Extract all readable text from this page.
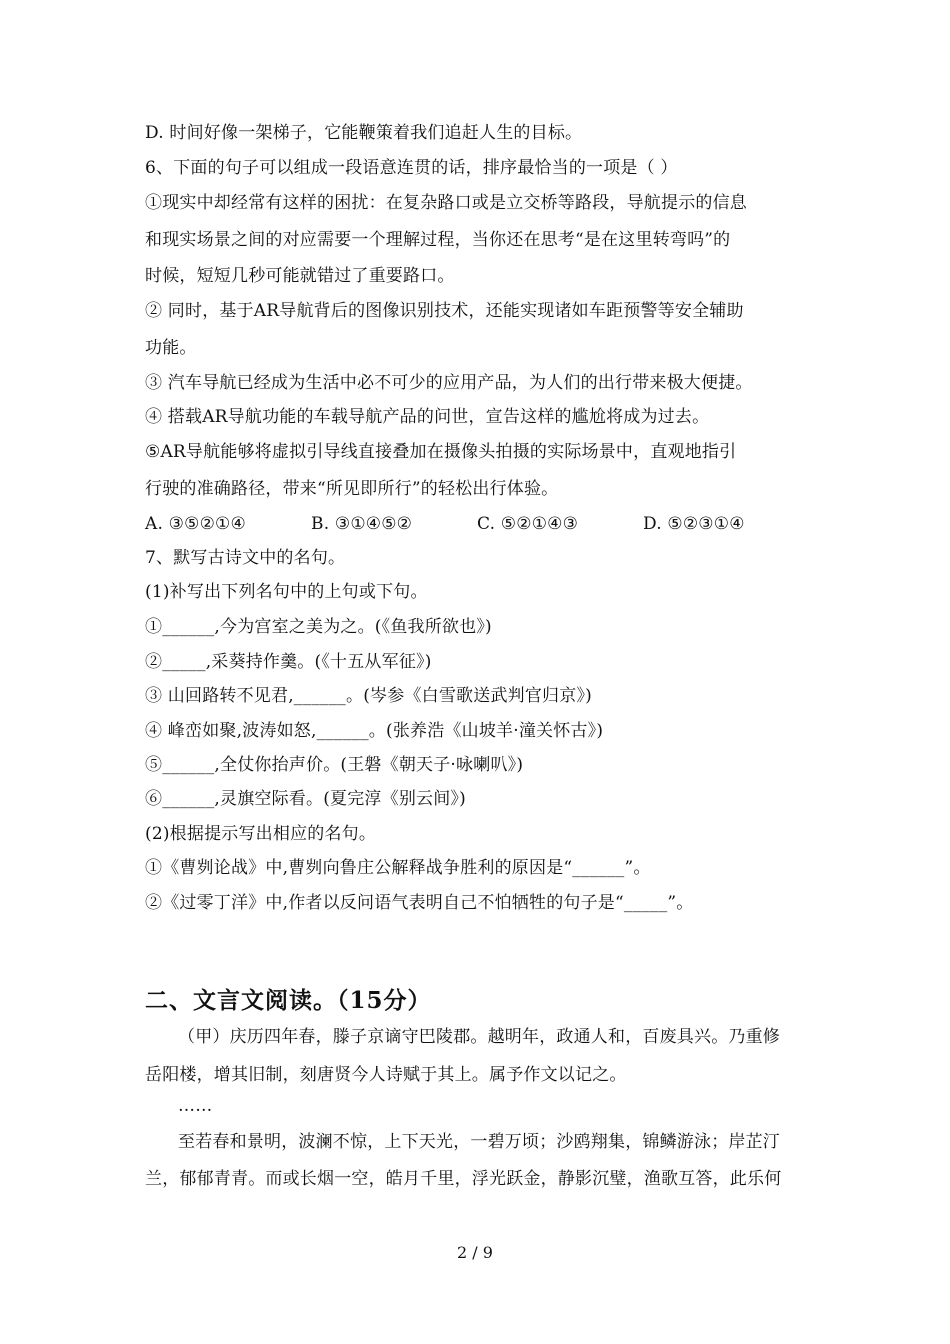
D. 时间好像一架梯子，它能鞭策着我们追赶人生的目标。
6、下面的句子可以组成一段语意连贯的话，排序最恰当的一项是（ ）
①现实中却经常有这样的困扰：在复杂路口或是立交桥等路段，导航提示的信息
和现实场景之间的对应需要一个理解过程，当你还在思考“是在这里转弯吗”的
时候，短短几秒可能就错过了重要路口。
② 同时，基于AR导航背后的图像识别技术，还能实现诸如车距预警等安全辅助
功能。
③ 汽车导航已经成为生活中必不可少的应用产品，为人们的出行带来极大便捷。
④ 搭载AR导航功能的车载导航产品的问世，宣告这样的尴尬将成为过去。
⑤AR导航能够将虚拟引导线直接叠加在摄像头拍摄的实际场景中，直观地指引
行驶的准确路径，带来“所见即所行”的轻松出行体验。
A. ③⑤②①④	B. ③①④⑤②	C. ⑤②①④③	D. ⑤②③①④
7、默写古诗文中的名句。
(1)补写出下列名句中的上句或下句。
①______,今为宫室之美为之。(《鱼我所欲也》)
②_____,采葵持作羹。(《十五从军征》)
③ 山回路转不见君,______。(岑参《白雪歌送武判官归京》)
④ 峰峦如聚,波涛如怒,______。(张养浩《山坡羊·潼关怀古》)
⑤______,全仗你抬声价。(王磐《朝天子·咏喇叭》)
⑥______,灵旗空际看。(夏完淳《别云间》)
(2)根据提示写出相应的名句。
①《曹刿论战》中,曹刿向鲁庄公解释战争胜利的原因是“______”。
②《过零丁洋》中,作者以反问语气表明自己不怕牺牲的句子是“_____”。
二、文言文阅读。（15分）
（甲）庆历四年春，滕子京谪守巴陵郡。越明年，政通人和，百废具兴。乃重修
岳阳楼，增其旧制，刻唐贤今人诗赋于其上。属予作文以记之。
……
至若春和景明，波澜不惊，上下天光，一碧万顷；沙鸥翔集，锦鳞游泳；岸芷汀
兰，郁郁青青。而或长烟一空，皓月千里，浮光跃金，静影沉璧，渔歌互答，此乐何
2 / 9
